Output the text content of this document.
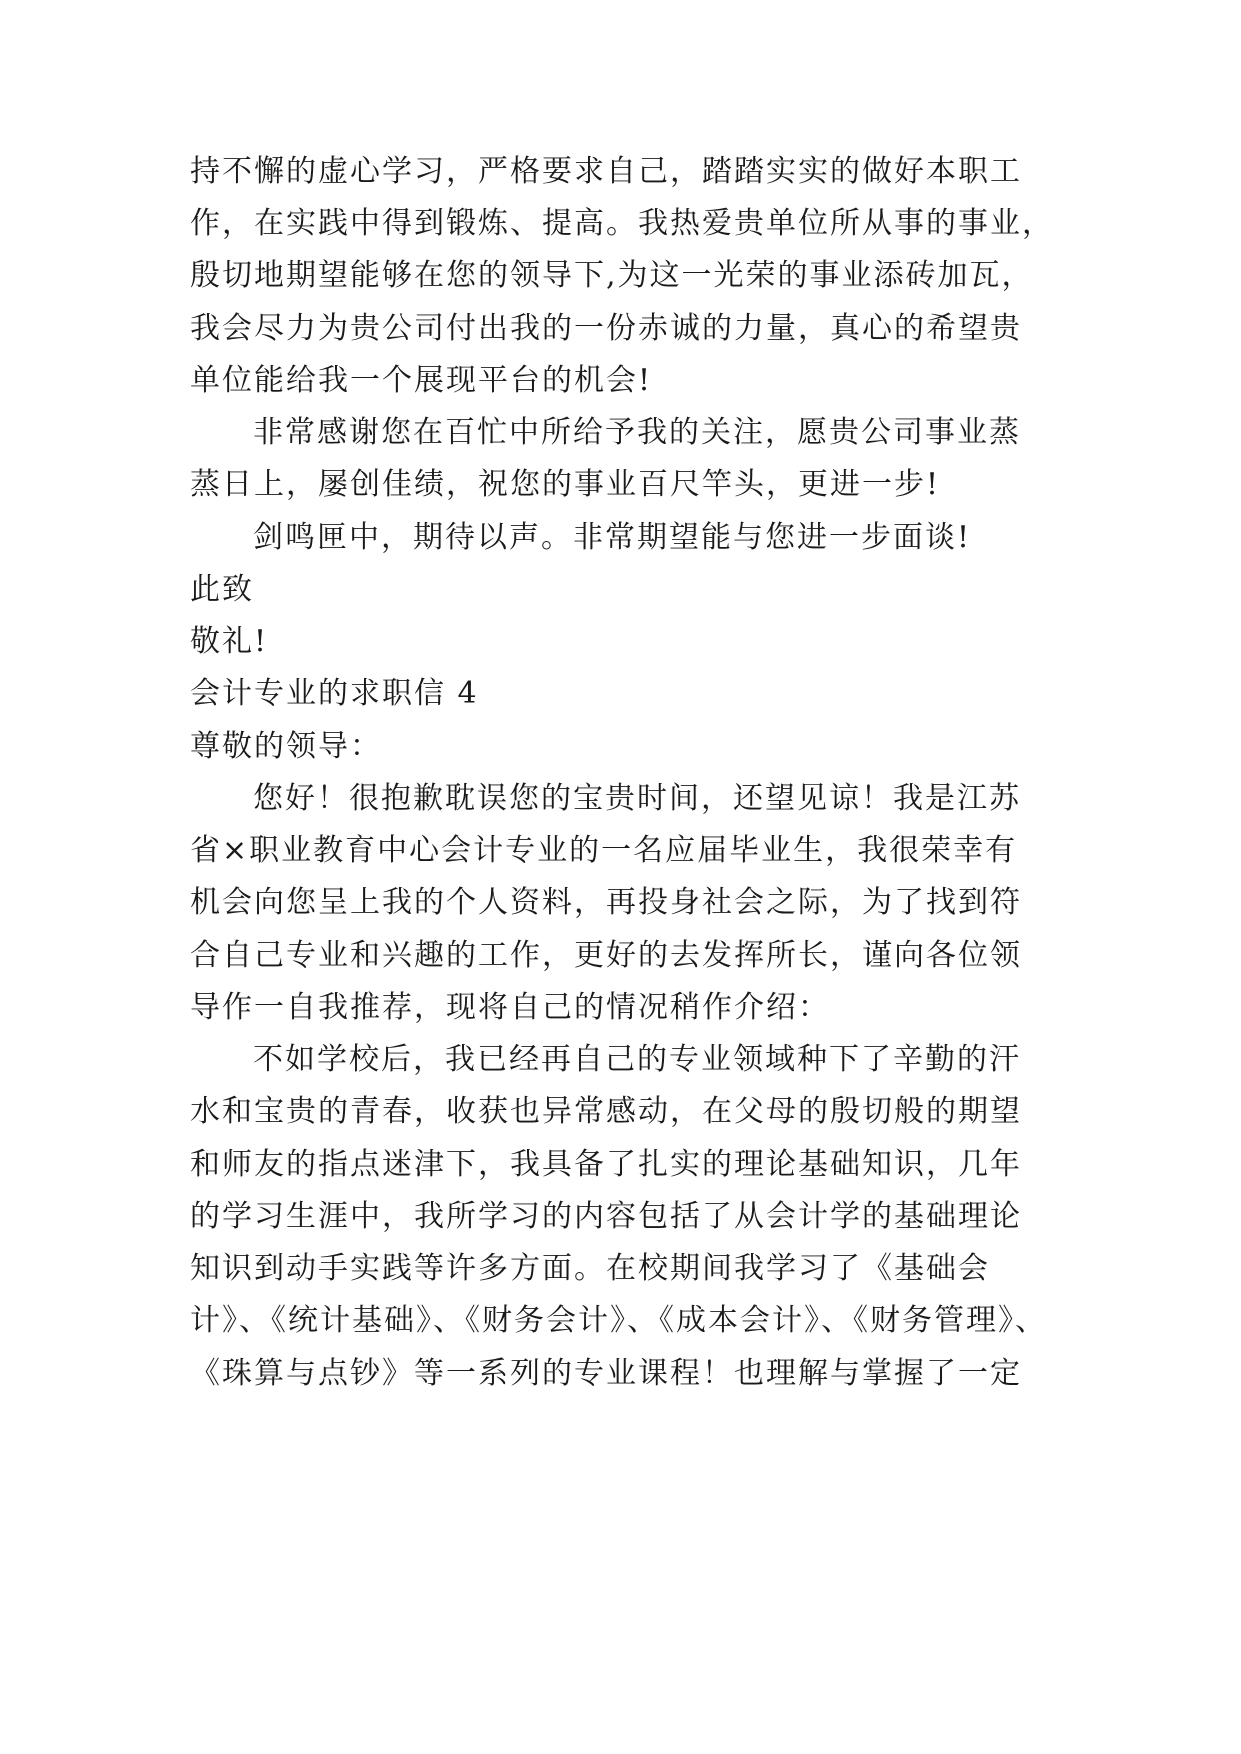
持不懈的虚心学习，严格要求自己，踏踏实实的做好本职工
作，在实践中得到锻炼、提高。我热爱贵单位所从事的事业，
殷切地期望能够在您的领导下,为这一光荣的事业添砖加瓦，
我会尽力为贵公司付出我的一份赤诚的力量，真心的希望贵
单位能给我一个展现平台的机会!
非常感谢您在百忙中所给予我的关注，愿贵公司事业蒸
蒸日上，屡创佳绩，祝您的事业百尺竿头，更进一步!
剑鸣匣中，期待以声。非常期望能与您进一步面谈!
此致
敬礼!
会计专业的求职信 4
尊敬的领导：
您好！很抱歉耽误您的宝贵时间，还望见谅！我是江苏
省×职业教育中心会计专业的一名应届毕业生，我很荣幸有
机会向您呈上我的个人资料，再投身社会之际，为了找到符
合自己专业和兴趣的工作，更好的去发挥所长，谨向各位领
导作一自我推荐，现将自己的情况稍作介绍：
不如学校后，我已经再自己的专业领域种下了辛勤的汗
水和宝贵的青春，收获也异常感动，在父母的殷切般的期望
和师友的指点迷津下，我具备了扎实的理论基础知识，几年
的学习生涯中，我所学习的内容包括了从会计学的基础理论
知识到动手实践等许多方面。在校期间我学习了《基础会
计》、《统计基础》、《财务会计》、《成本会计》、《财务管理》、
《珠算与点钞》等一系列的专业课程！也理解与掌握了一定
